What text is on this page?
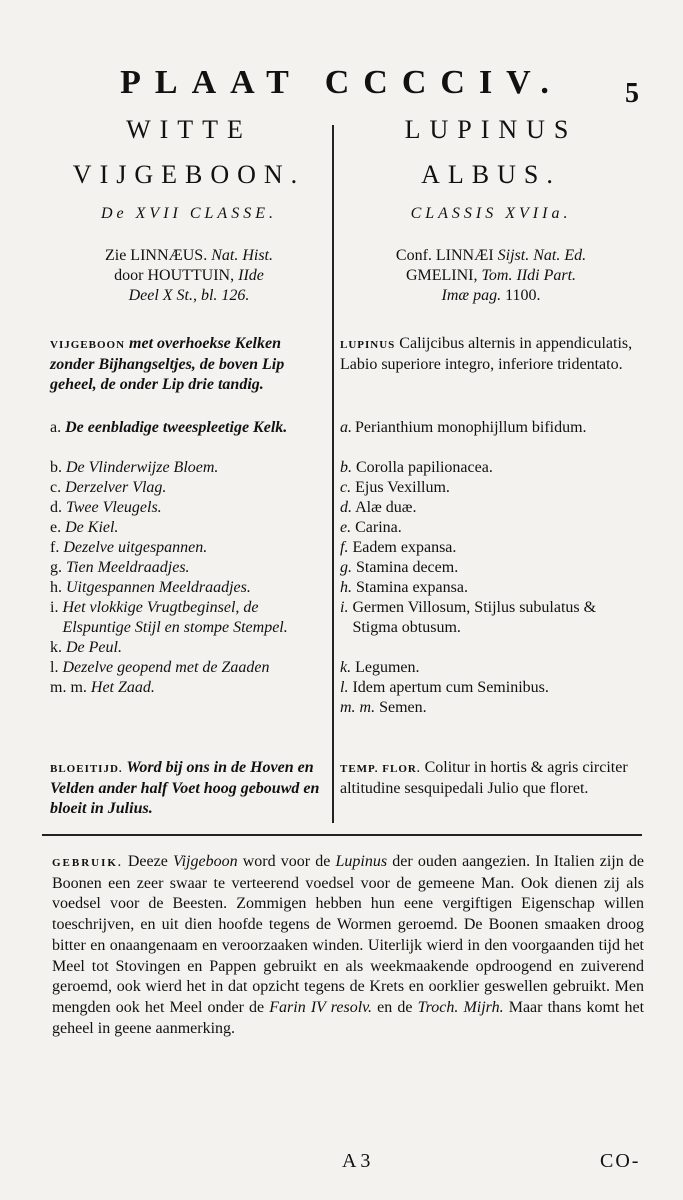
PLAAT CCCCIV.	5
WITTE
VIJGEBOON.
De XVII CLASSE.
Zie LINNÆUS. Nat. Hist.
door HOUTTUIN, IIde
Deel X St., bl. 126.
VIJGEBOON met overhoekse Kelken zonder Bijhangseltjes, de boven Lip geheel, de onder Lip drie tandig.
a. De eenbladige tweespleetige Kelk.
b. De Vlinderwijze Bloem.
c. Derzelver Vlag.
d. Twee Vleugels.
e. De Kiel.
f. Dezelve uitgespannen.
g. Tien Meeldraadjes.
h. Uitgespannen Meeldraadjes.
i. Het vlokkige Vrugtbeginsel, de Elspuntige Stijl en stompe Stempel.
k. De Peul.
l. Dezelve geopend met de Zaaden
m. m. Het Zaad.
BLOEITIJD. Word bij ons in de Hoven en Velden ander half Voet hoog gebouwd en bloeit in Julius.
LUPINUS
ALBUS.
CLASSIS XVIIa.
Conf. LINNÆI Sijst. Nat. Ed.
GMELINI, Tom. IIdi Part.
Imæ pag. 1100.
LUPINUS Calijcibus alternis in appendiculatis, Labio superiore integro, inferiore tridentato.
a. Perianthium monophijllum bifidum.
b. Corolla papilionacea.
c. Ejus Vexillum.
d. Alæ duæ.
e. Carina.
f. Eadem expansa.
g. Stamina decem.
h. Stamina expansa.
i. Germen Villosum, Stijlus subulatus & Stigma obtusum.
k. Legumen.
l. Idem apertum cum Seminibus.
m. m. Semen.
TEMP. FLOR. Colitur in hortis & agris circiter altitudine sesquipedali Julio que floret.
GEBRUIK. Deeze Vijgeboon word voor de Lupinus der ouden aangezien. In Italien zijn de Boonen een zeer swaar te verteerend voedsel voor de gemeene Man. Ook dienen zij als voedsel voor de Beesten. Zommigen hebben hun eene vergiftigen Eigenschap willen toeschrijven, en uit dien hoofde tegens de Wormen geroemd. De Boonen smaaken droog bitter en onaangenaam en veroorzaaken winden. Uiterlijk wierd in den voorgaanden tijd het Meel tot Stovingen en Pappen gebruikt en als weekmaakende opdroogend en zuiverend geroemd, ook wierd het in dat opzicht tegens de Krets en oorklier geswellen gebruikt. Men mengden ook het Meel onder de Farin IV resolv. en de Troch. Mijrh. Maar thans komt het geheel in geene aanmerking.
A 3	CO-
